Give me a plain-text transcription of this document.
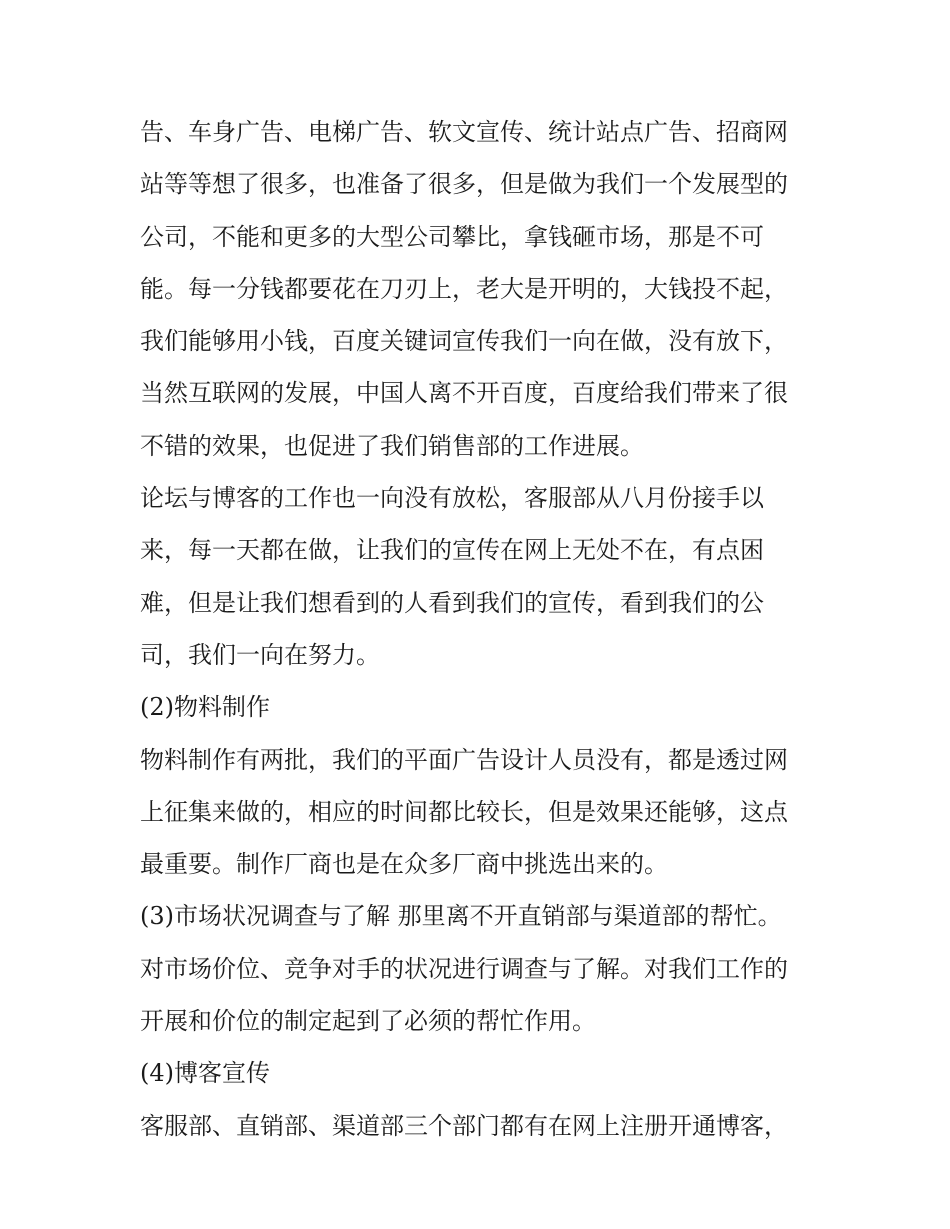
告、车身广告、电梯广告、软文宣传、统计站点广告、招商网
站等等想了很多，也准备了很多，但是做为我们一个发展型的
公司，不能和更多的大型公司攀比，拿钱砸市场，那是不可
能。每一分钱都要花在刀刃上，老大是开明的，大钱投不起，
我们能够用小钱，百度关键词宣传我们一向在做，没有放下，
当然互联网的发展，中国人离不开百度，百度给我们带来了很
不错的效果，也促进了我们销售部的工作进展。
论坛与博客的工作也一向没有放松，客服部从八月份接手以
来，每一天都在做，让我们的宣传在网上无处不在，有点困
难，但是让我们想看到的人看到我们的宣传，看到我们的公
司，我们一向在努力。
(2)物料制作
物料制作有两批，我们的平面广告设计人员没有，都是透过网
上征集来做的，相应的时间都比较长，但是效果还能够，这点
最重要。制作厂商也是在众多厂商中挑选出来的。
(3)市场状况调查与了解 那里离不开直销部与渠道部的帮忙。
对市场价位、竞争对手的状况进行调查与了解。对我们工作的
开展和价位的制定起到了必须的帮忙作用。
(4)博客宣传
客服部、直销部、渠道部三个部门都有在网上注册开通博客，
